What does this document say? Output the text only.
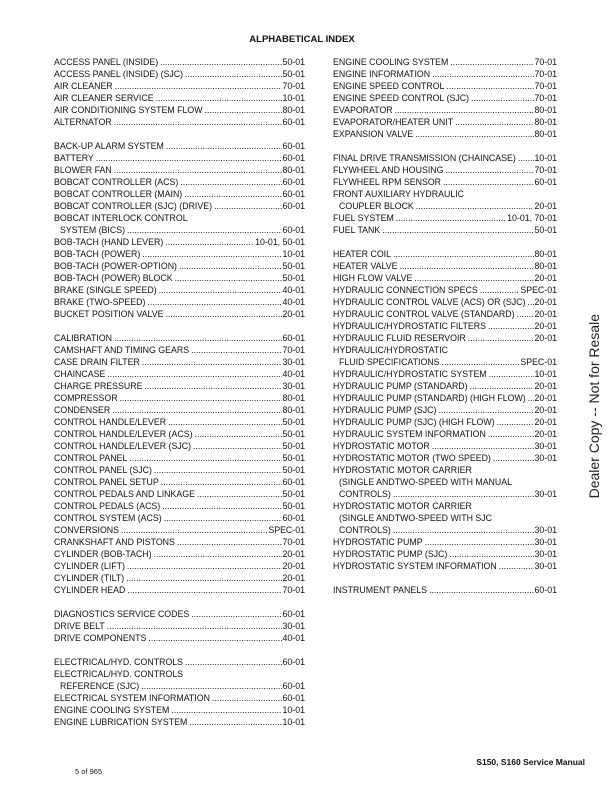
ALPHABETICAL INDEX
ACCESS PANEL (INSIDE) .....	50-01
ACCESS PANEL (INSIDE) (SJC) .....	50-01
AIR CLEANER .....	70-01
AIR CLEANER SERVICE .....	10-01
AIR CONDITIONING SYSTEM FLOW .....	80-01
ALTERNATOR .....	60-01
BACK-UP ALARM SYSTEM .....	60-01
BATTERY .....	60-01
BLOWER FAN .....	80-01
BOBCAT CONTROLLER (ACS) .....	60-01
BOBCAT CONTROLLER (MAIN) .....	60-01
BOBCAT CONTROLLER (SJC) (DRIVE) .....	60-01
BOBCAT INTERLOCK CONTROL
SYSTEM (BICS) .....	60-01
BOB-TACH (HAND LEVER) .....	10-01, 50-01
BOB-TACH (POWER) .....	10-01
BOB-TACH (POWER-OPTION) .....	50-01
BOB-TACH (POWER) BLOCK .....	50-01
BRAKE (SINGLE SPEED) .....	40-01
BRAKE (TWO-SPEED) .....	40-01
BUCKET POSITION VALVE .....	20-01
CALIBRATION .....	60-01
CAMSHAFT AND TIMING GEARS .....	70-01
CASE DRAIN FILTER .....	30-01
CHAINCASE .....	40-01
CHARGE PRESSURE .....	30-01
COMPRESSOR .....	80-01
CONDENSER .....	80-01
CONTROL HANDLE/LEVER .....	50-01
CONTROL HANDLE/LEVER (ACS) .....	50-01
CONTROL HANDLE/LEVER (SJC) .....	50-01
CONTROL PANEL .....	50-01
CONTROL PANEL (SJC) .....	50-01
CONTROL PANEL SETUP .....	60-01
CONTROL PEDALS AND LINKAGE .....	50-01
CONTROL PEDALS (ACS) .....	50-01
CONTROL SYSTEM (ACS) .....	60-01
CONVERSIONS .....	SPEC-01
CRANKSHAFT AND PISTONS .....	70-01
CYLINDER (BOB-TACH) .....	20-01
CYLINDER (LIFT) .....	20-01
CYLINDER (TILT) .....	20-01
CYLINDER HEAD .....	70-01
DIAGNOSTICS SERVICE CODES .....	60-01
DRIVE BELT .....	30-01
DRIVE COMPONENTS .....	40-01
ELECTRICAL/HYD. CONTROLS .....	60-01
ELECTRICAL/HYD. CONTROLS
REFERENCE (SJC) .....	60-01
ELECTRICAL SYSTEM INFORMATION .....	60-01
ENGINE COOLING SYSTEM .....	10-01
ENGINE LUBRICATION SYSTEM .....	10-01
ENGINE COOLING SYSTEM .....	70-01
ENGINE INFORMATION .....	70-01
ENGINE SPEED CONTROL .....	70-01
ENGINE SPEED CONTROL (SJC) .....	70-01
EVAPORATOR .....	80-01
EVAPORATOR/HEATER UNIT .....	80-01
EXPANSION VALVE .....	80-01
FINAL DRIVE TRANSMISSION (CHAINCASE) ..... 10-01
FLYWHEEL AND HOUSING .....	70-01
FLYWHEEL RPM SENSOR .....	60-01
FRONT AUXILIARY HYDRAULIC
COUPLER BLOCK .....	20-01
FUEL SYSTEM .....	10-01, 70-01
FUEL TANK .....	50-01
HEATER COIL .....	80-01
HEATER VALVE .....	80-01
HIGH FLOW VALVE .....	20-01
HYDRAULIC CONNECTION SPECS .....	SPEC-01
HYDRAULIC CONTROL VALVE (ACS) OR (SJC) ..... 20-01
HYDRAULIC CONTROL VALVE (STANDARD) ..... 20-01
HYDRAULIC/HYDROSTATIC FILTERS .....	20-01
HYDRAULIC FLUID RESERVOIR .....	20-01
HYDRAULIC/HYDROSTATIC
FLUID SPECIFICATIONS .....	SPEC-01
HYDRAULIC/HYDROSTATIC SYSTEM .....	10-01
HYDRAULIC PUMP (STANDARD) .....	20-01
HYDRAULIC PUMP (STANDARD) (HIGH FLOW) ..... 20-01
HYDRAULIC PUMP (SJC) .....	20-01
HYDRAULIC PUMP (SJC) (HIGH FLOW) .....	20-01
HYDRAULIC SYSTEM INFORMATION .....	20-01
HYDROSTATIC MOTOR .....	30-01
HYDROSTATIC MOTOR (TWO SPEED) .....	30-01
HYDROSTATIC MOTOR CARRIER
(SINGLE ANDTWO-SPEED WITH MANUAL
CONTROLS) .....	30-01
HYDROSTATIC MOTOR CARRIER
(SINGLE ANDTWO-SPEED WITH SJC
CONTROLS) .....	30-01
HYDROSTATIC PUMP .....	30-01
HYDROSTATIC PUMP (SJC) .....	30-01
HYDROSTATIC SYSTEM INFORMATION .....	30-01
INSTRUMENT PANELS .....	60-01
Dealer Copy -- Not for Resale
S150, S160 Service Manual
5 of 965
